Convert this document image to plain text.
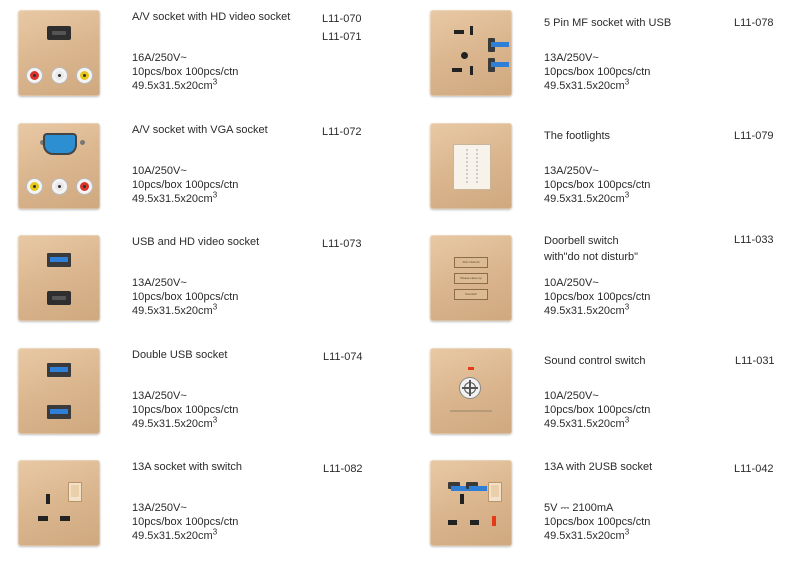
A/V socket with HD video socket	L11-070
L11-071
16A/250V~
10pcs/box 100pcs/ctn
$49.5x31.5x20cm^3$
A/V socket with VGA socket	L11-072
10A/250V~
10pcs/box 100pcs/ctn
$49.5x31.5x20cm^3$
USB and HD video socket	L11-073
13A/250V~
10pcs/box 100pcs/ctn
$49.5x31.5x20cm^3$
Double USB socket	L11-074
13A/250V~
10pcs/box 100pcs/ctn
$49.5x31.5x20cm^3$
13A socket with switch	L11-082
13A/250V~
10pcs/box 100pcs/ctn
$49.5x31.5x20cm^3$
5 Pin MF socket with USB	L11-078
13A/250V~
10pcs/box 100pcs/ctn
$49.5x31.5x20cm^3$
The footlights	L11-079
13A/250V~
10pcs/box 100pcs/ctn
$49.5x31.5x20cm^3$
Don't disturb
Please clean up
Doorbell
Doorbell switch
with"do not disturb"
L11-033
10A/250V~
10pcs/box 100pcs/ctn
$49.5x31.5x20cm^3$
Sound control switch	L11-031
10A/250V~
10pcs/box 100pcs/ctn
$49.5x31.5x20cm^3$
13A with 2USB socket	L11-042
5V ⎓ 2100mA
10pcs/box 100pcs/ctn
$49.5x31.5x20cm^3$
